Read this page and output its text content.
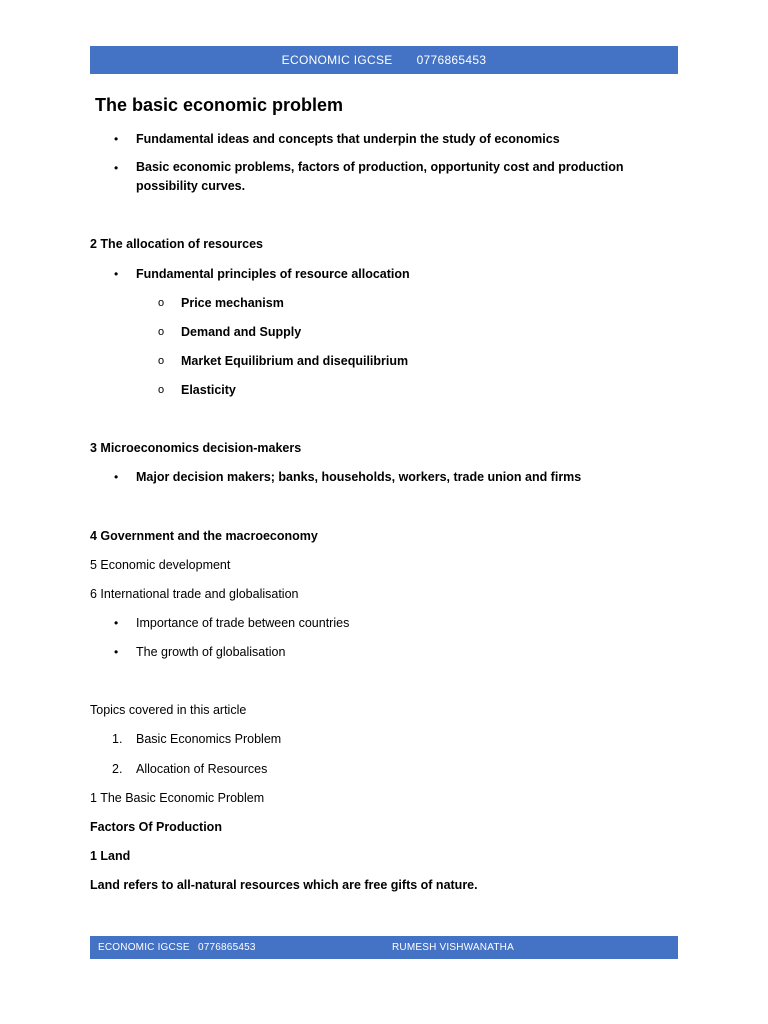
ECONOMIC IGCSE 0776865453
The basic economic problem
• Fundamental ideas and concepts that underpin the study of economics
• Basic economic problems, factors of production, opportunity cost and production possibility curves.
2 The allocation of resources
• Fundamental principles of resource allocation
o Price mechanism
o Demand and Supply
o Market Equilibrium and disequilibrium
o Elasticity
3 Microeconomics decision-makers
• Major decision makers; banks, households, workers, trade union and firms
4 Government and the macroeconomy
5 Economic development
6 International trade and globalisation
• Importance of trade between countries
• The growth of globalisation
Topics covered in this article
1. Basic Economics Problem
2. Allocation of Resources
1 The Basic Economic Problem
Factors Of Production
1 Land
Land refers to all-natural resources which are free gifts of nature.
ECONOMIC IGCSE 0776865453	RUMESH VISHWANATHA
